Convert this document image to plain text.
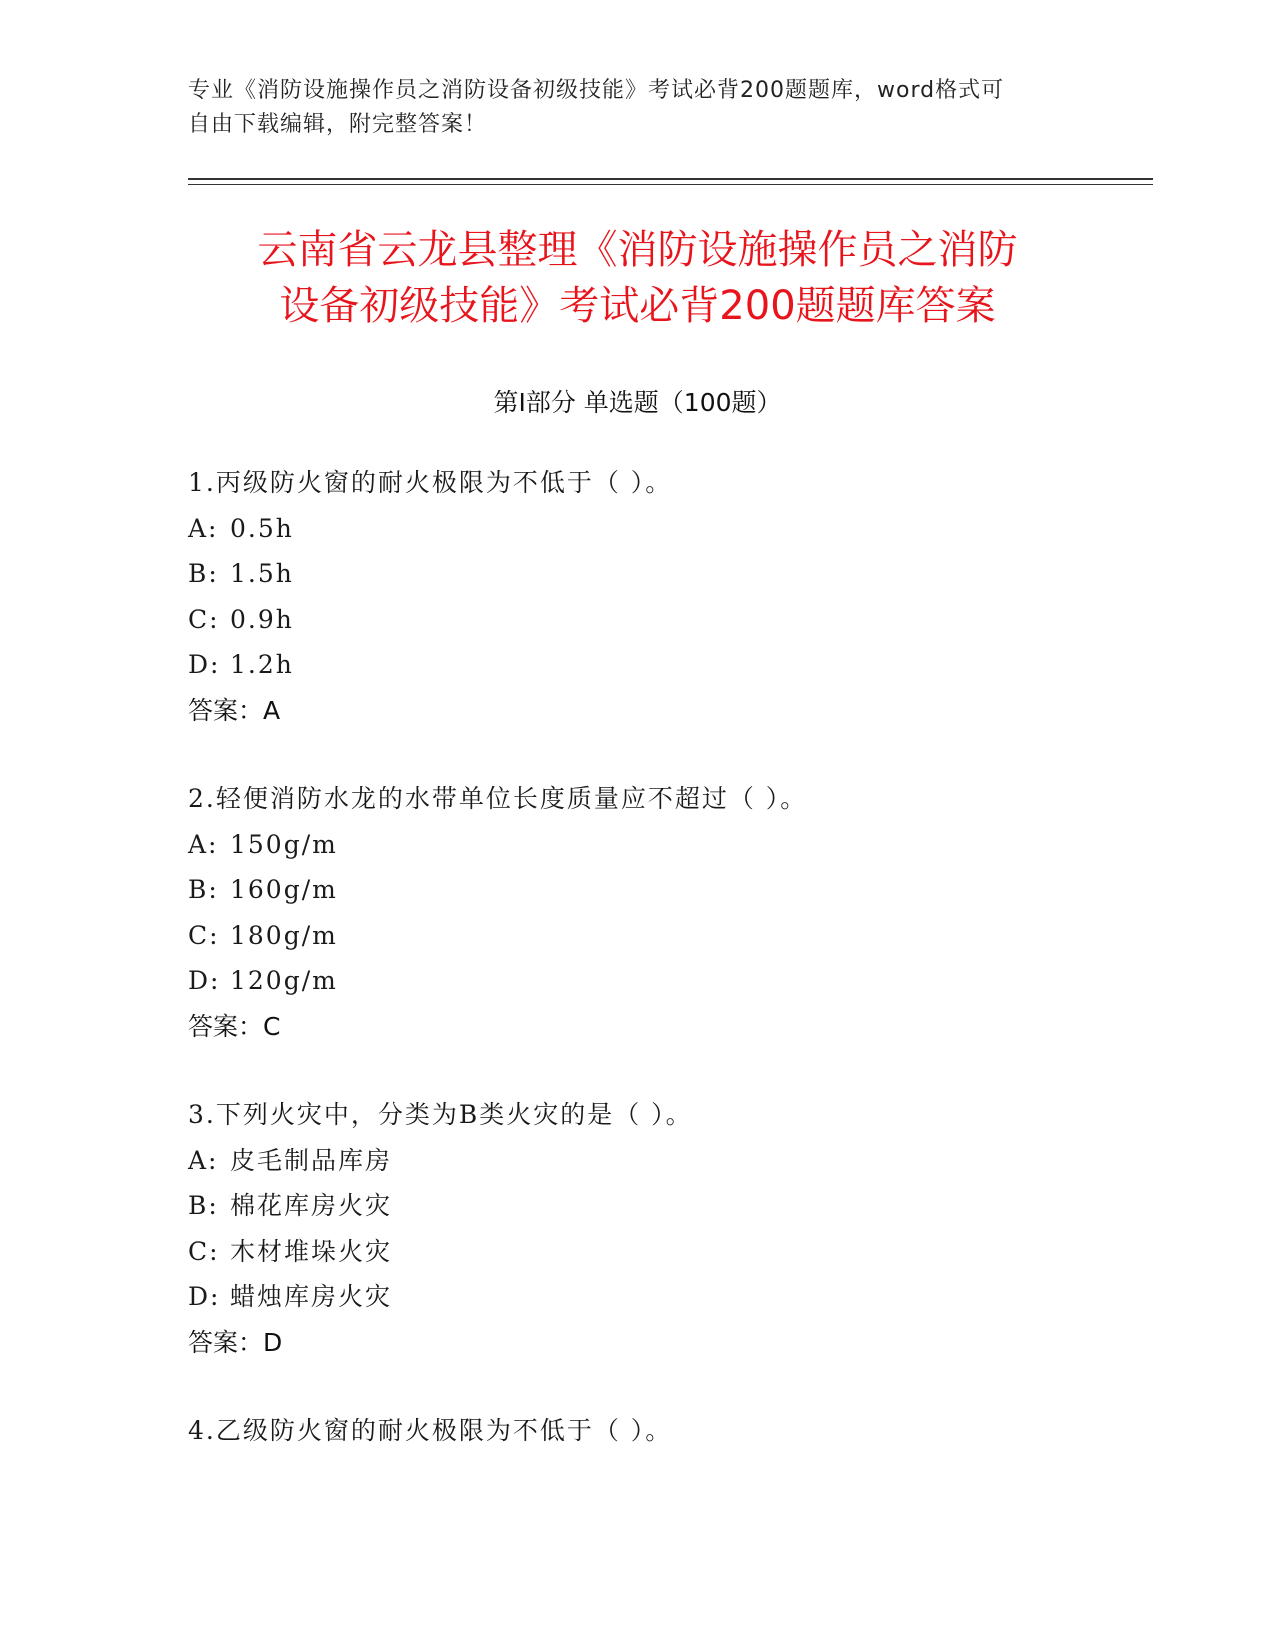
专业《消防设施操作员之消防设备初级技能》考试必背200题题库，word格式可
自由下载编辑，附完整答案！
云南省云龙县整理《消防设施操作员之消防
设备初级技能》考试必背200题题库答案
第Ⅰ部分 单选题（100题）
1.丙级防火窗的耐火极限为不低于（ ）。
A: 0.5h
B: 1.5h
C: 0.9h
D: 1.2h
答案：A
2.轻便消防水龙的水带单位长度质量应不超过（ ）。
A: 150g/m
B: 160g/m
C: 180g/m
D: 120g/m
答案：C
3.下列火灾中，分类为B类火灾的是（ ）。
A: 皮毛制品库房
B: 棉花库房火灾
C: 木材堆垛火灾
D: 蜡烛库房火灾
答案：D
4.乙级防火窗的耐火极限为不低于（ ）。
